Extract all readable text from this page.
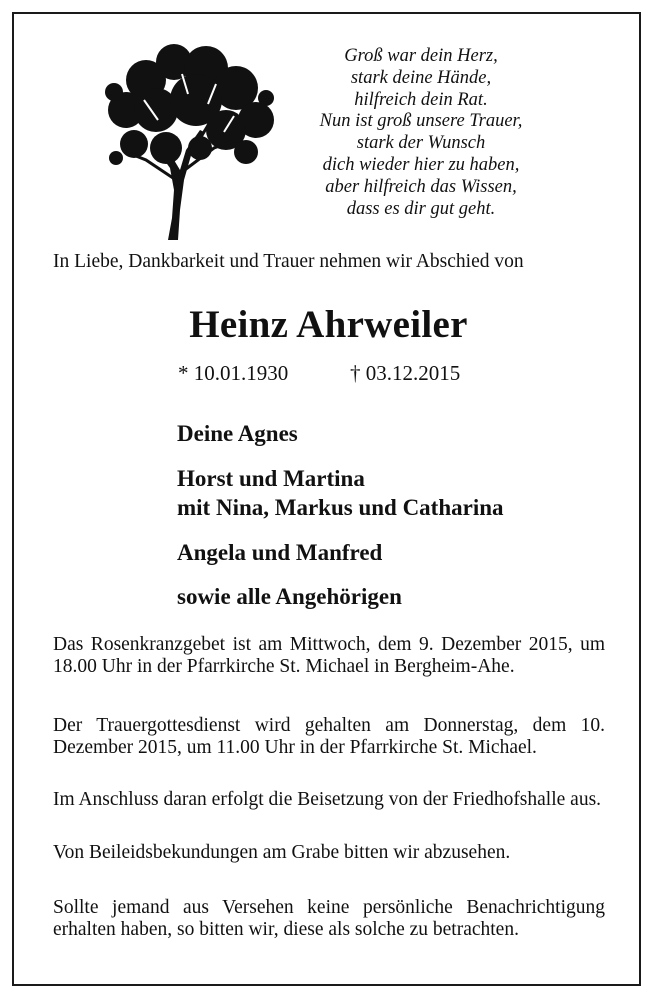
Groß war dein Herz,
stark deine Hände,
hilfreich dein Rat.
Nun ist groß unsere Trauer,
stark der Wunsch
dich wieder hier zu haben,
aber hilfreich das Wissen,
dass es dir gut geht.
In Liebe, Dankbarkeit und Trauer nehmen wir Abschied von
Heinz Ahrweiler
* 10.01.1930	† 03.12.2015
Deine Agnes
Horst und Martina
mit Nina, Markus und Catharina
Angela und Manfred
sowie alle Angehörigen
Das Rosenkranzgebet ist am Mittwoch, dem 9. Dezember 2015, um 18.00 Uhr in der Pfarrkirche St. Michael in Bergheim-Ahe.
Der Trauergottesdienst wird gehalten am Donnerstag, dem 10. Dezember 2015, um 11.00 Uhr in der Pfarrkirche St. Michael.
Im Anschluss daran erfolgt die Beisetzung von der Friedhofshalle aus.
Von Beileidsbekundungen am Grabe bitten wir abzusehen.
Sollte jemand aus Versehen keine persönliche Benachrichtigung erhalten haben, so bitten wir, diese als solche zu betrachten.
